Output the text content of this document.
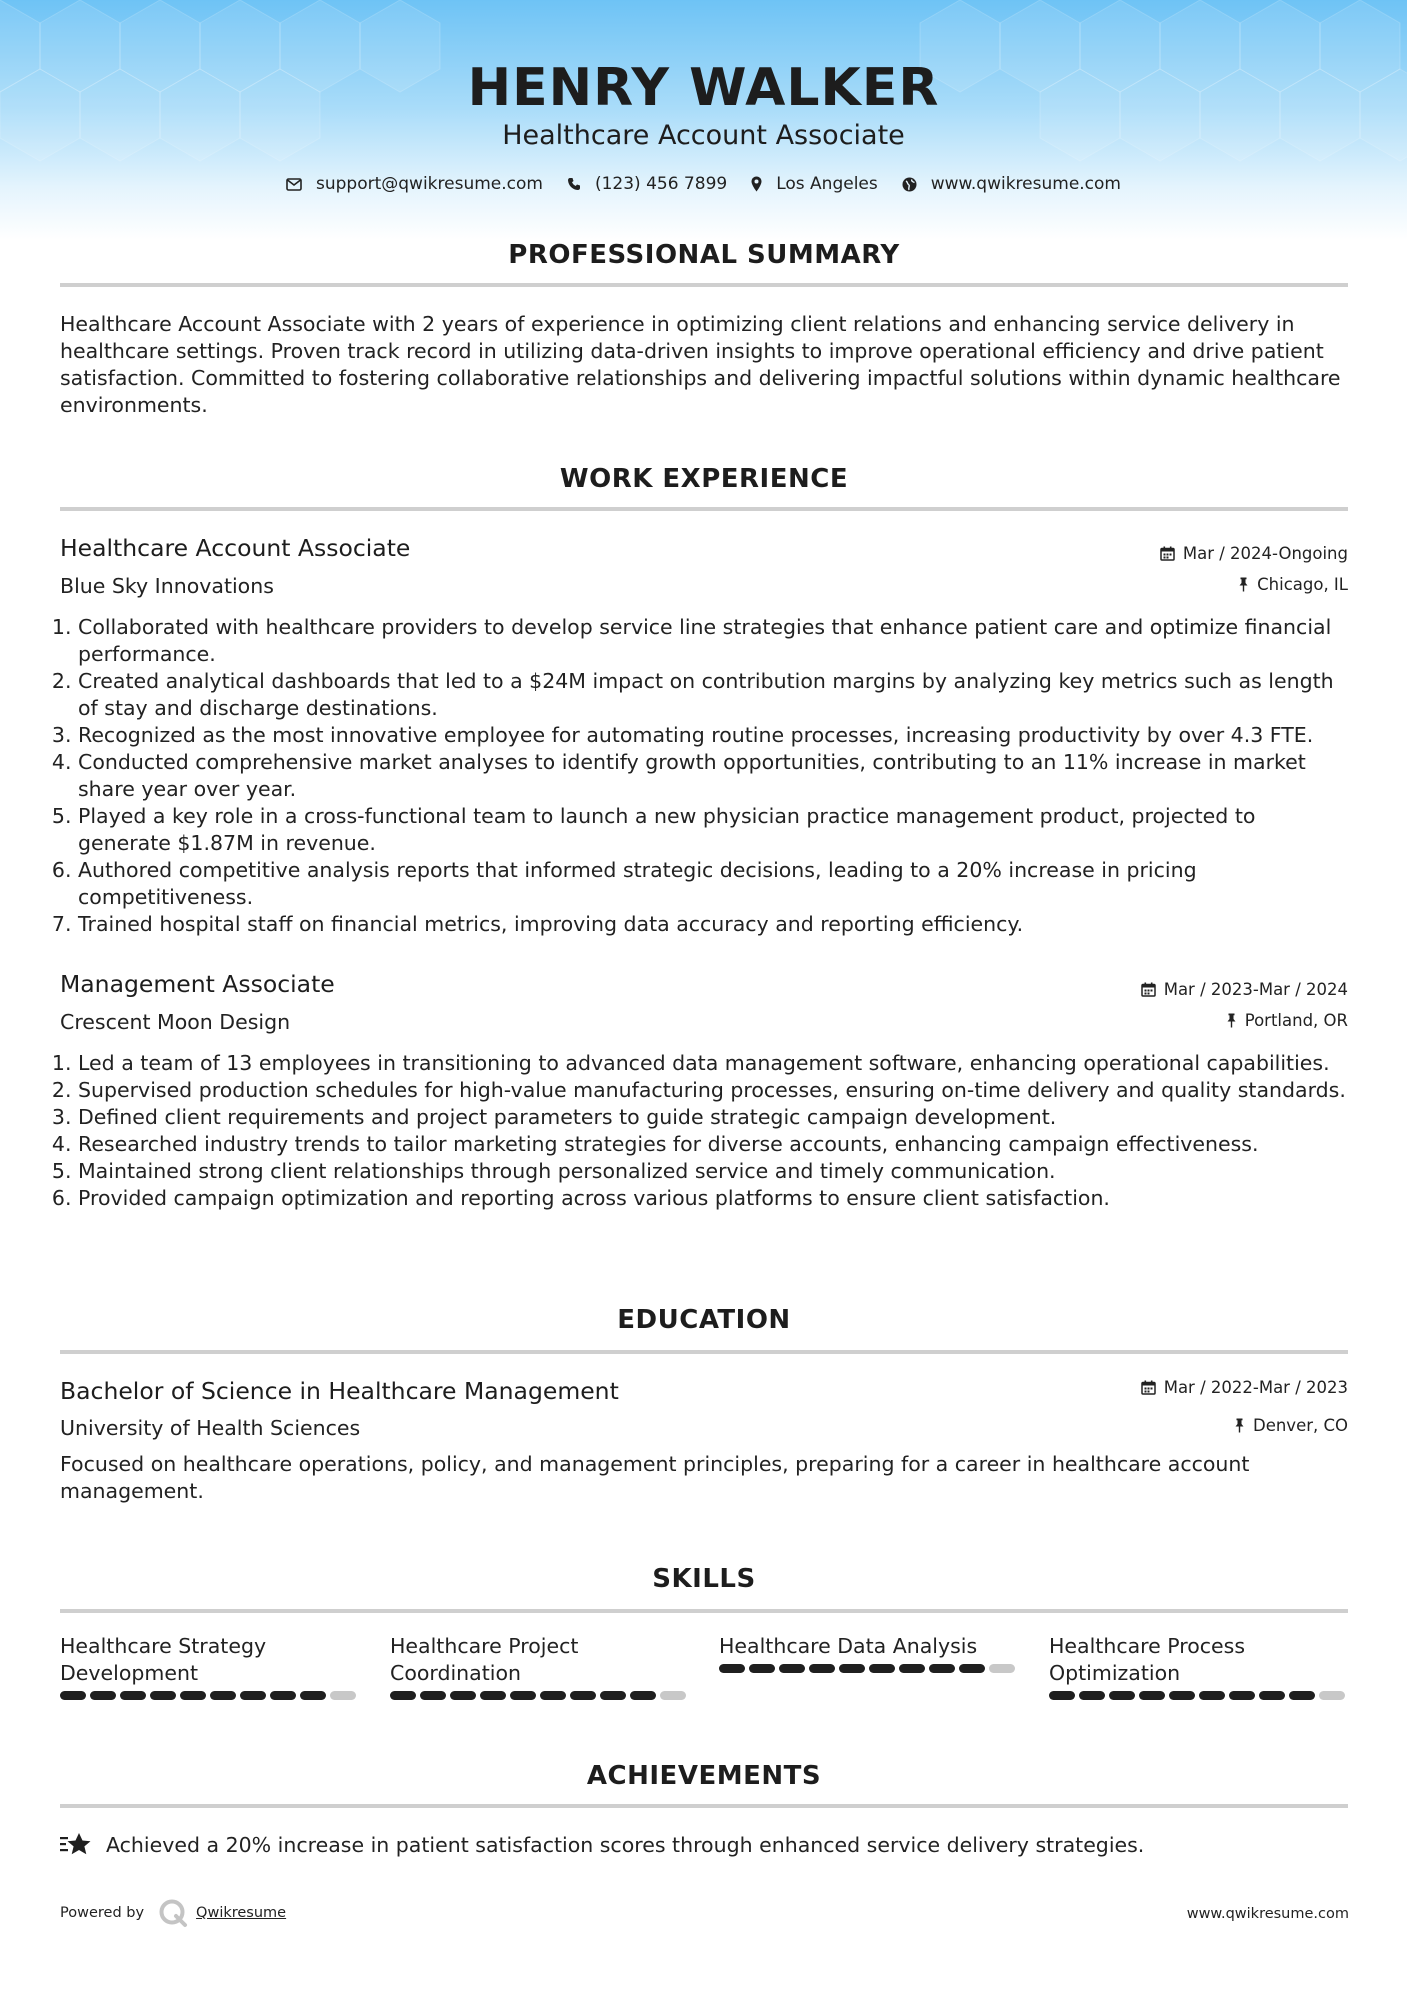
HENRY WALKER
Healthcare Account Associate
support@qwikresume.com	(123) 456 7899	Los Angeles	www.qwikresume.com
PROFESSIONAL SUMMARY
Healthcare Account Associate with 2 years of experience in optimizing client relations and enhancing service delivery in healthcare settings. Proven track record in utilizing data-driven insights to improve operational efficiency and drive patient satisfaction. Committed to fostering collaborative relationships and delivering impactful solutions within dynamic healthcare environments.
WORK EXPERIENCE
Healthcare Account Associate	Mar / 2024-Ongoing
Blue Sky Innovations	Chicago, IL
1. Collaborated with healthcare providers to develop service line strategies that enhance patient care and optimize financial performance.
2. Created analytical dashboards that led to a $24M impact on contribution margins by analyzing key metrics such as length of stay and discharge destinations.
3. Recognized as the most innovative employee for automating routine processes, increasing productivity by over 4.3 FTE.
4. Conducted comprehensive market analyses to identify growth opportunities, contributing to an 11% increase in market share year over year.
5. Played a key role in a cross-functional team to launch a new physician practice management product, projected to generate $1.87M in revenue.
6. Authored competitive analysis reports that informed strategic decisions, leading to a 20% increase in pricing competitiveness.
7. Trained hospital staff on financial metrics, improving data accuracy and reporting efficiency.
Management Associate	Mar / 2023-Mar / 2024
Crescent Moon Design	Portland, OR
1. Led a team of 13 employees in transitioning to advanced data management software, enhancing operational capabilities.
2. Supervised production schedules for high-value manufacturing processes, ensuring on-time delivery and quality standards.
3. Defined client requirements and project parameters to guide strategic campaign development.
4. Researched industry trends to tailor marketing strategies for diverse accounts, enhancing campaign effectiveness.
5. Maintained strong client relationships through personalized service and timely communication.
6. Provided campaign optimization and reporting across various platforms to ensure client satisfaction.
EDUCATION
Bachelor of Science in Healthcare Management	Mar / 2022-Mar / 2023
University of Health Sciences	Denver, CO
Focused on healthcare operations, policy, and management principles, preparing for a career in healthcare account management.
SKILLS
Healthcare Strategy Development
Healthcare Project Coordination
Healthcare Data Analysis	Healthcare Process Optimization
ACHIEVEMENTS
Achieved a 20% increase in patient satisfaction scores through enhanced service delivery strategies.
Powered by	Qwikresume	www.qwikresume.com
